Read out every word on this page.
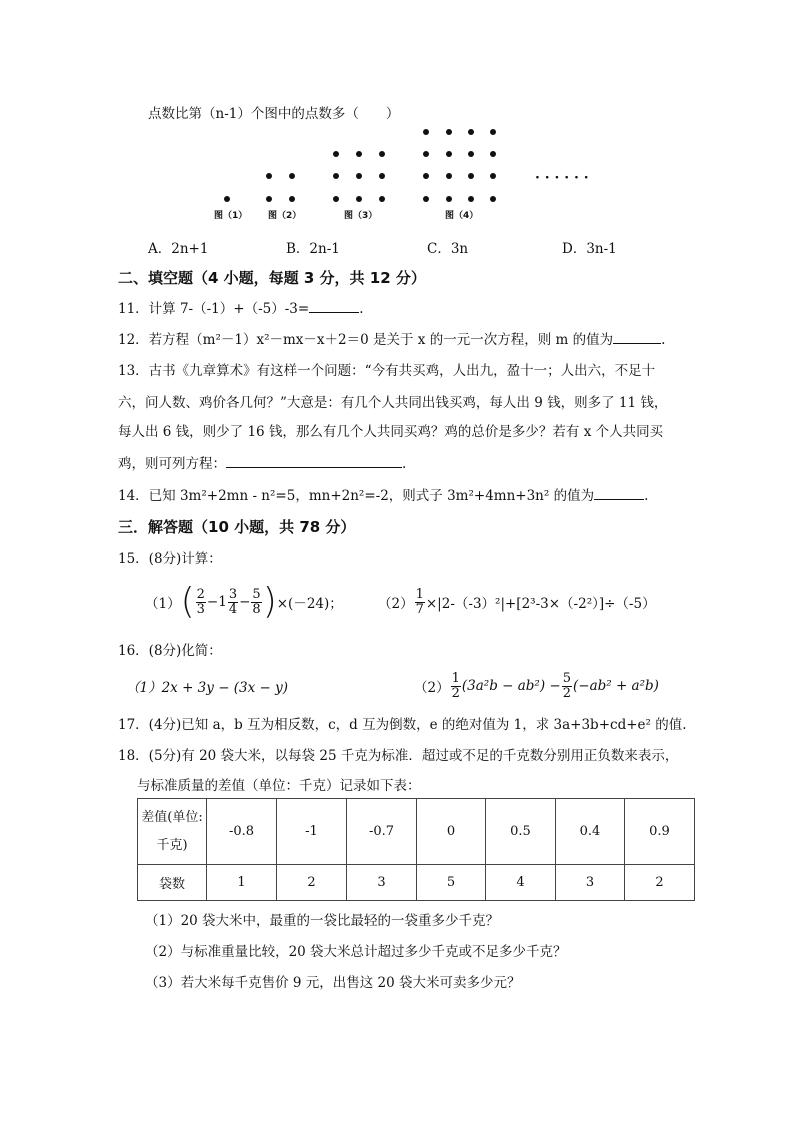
点数比第（n-1）个图中的点数多（　　）
· · · · · ·
图（1） 图（2）	图（3）	图（4）
A．2n+1	B．2n-1	C．3n	D．3n-1
二、填空题（4 小题，每题 3 分，共 12 分）
11．计算 7-（-1）+（-5）-3=	.
12．若方程（m²－1）x²－mx－x＋2＝0 是关于 x 的一元一次方程，则 m 的值为	.
13．古书《九章算术》有这样一个问题：“今有共买鸡，人出九，盈十一；人出六，不足十
六，问人数、鸡价各几何？”大意是：有几个人共同出钱买鸡，每人出 9 钱，则多了 11 钱，
每人出 6 钱，则少了 16 钱，那么有几个人共同买鸡？鸡的总价是多少？若有 x 个人共同买
鸡，则可列方程：	.
14．已知 3m²+2mn - n²=5，mn+2n²=-2，则式子 3m²+4mn+3n² 的值为	.
三．解答题（10 小题，共 78 分）
15．(8分)计算：
（1） ( $\frac{2}{3} -1 \frac{3}{4} - \frac{5}{8}$ ) ×(－24)；	$(2) \frac{1}{7} \times|2-(-3)^2|+[2^3-3\times(-2^2)]\div(-5)$
16．(8分)化简：
（1）2x + 3y − (3x − y)	$(2) \frac{1}{2} (3a^2b - ab^2) - \frac{5}{2} (-ab^2 + a^2b)$
17．(4分)已知 a，b 互为相反数，c，d 互为倒数，e 的绝对值为 1，求 3a+3b+cd+e² 的值.
18．(5分)有 20 袋大米，以每袋 25 千克为标准．超过或不足的千克数分别用正负数来表示，
与标准质量的差值（单位：千克）记录如下表：
差值(单位:
千克)	-0.8	-1	-0.7	0	0.5	0.4	0.9
袋数	1	2	3	5	4	3	2
（1）20 袋大米中，最重的一袋比最轻的一袋重多少千克？
（2）与标准重量比较，20 袋大米总计超过多少千克或不足多少千克？
（3）若大米每千克售价 9 元，出售这 20 袋大米可卖多少元？
